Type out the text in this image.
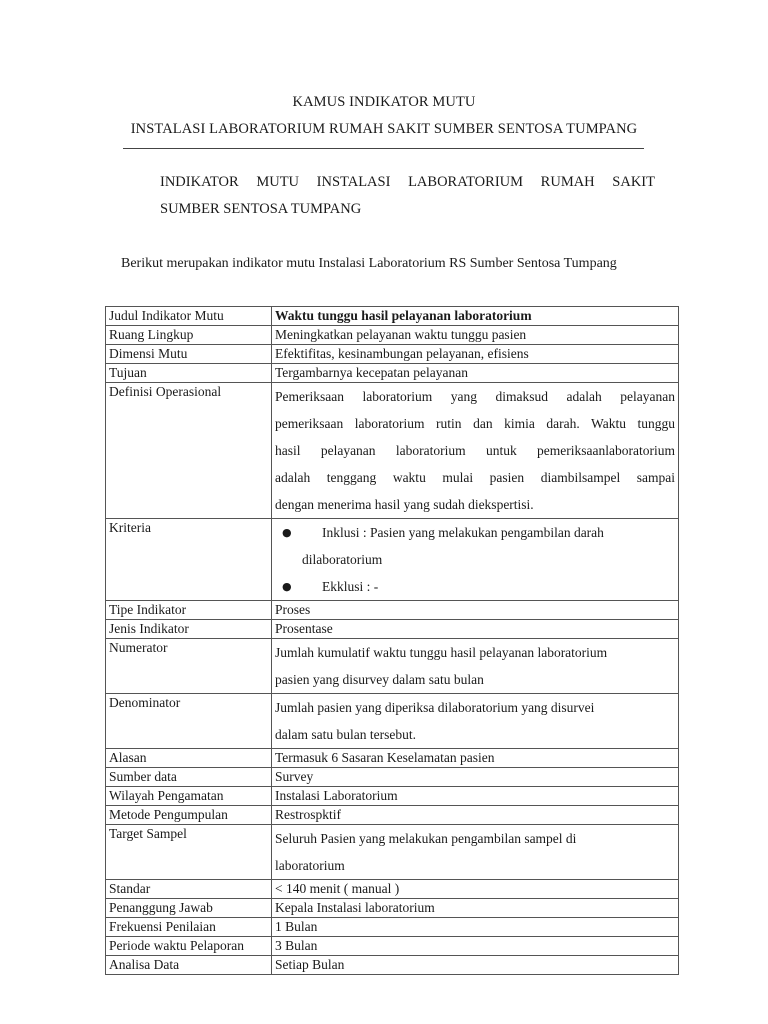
KAMUS INDIKATOR MUTU
INSTALASI LABORATORIUM RUMAH SAKIT SUMBER SENTOSA TUMPANG
INDIKATOR MUTU INSTALASI LABORATORIUM RUMAH SAKIT
SUMBER SENTOSA TUMPANG
Berikut merupakan indikator mutu Instalasi Laboratorium RS Sumber Sentosa Tumpang
Judul Indikator Mutu	Waktu tunggu hasil pelayanan laboratorium
Ruang Lingkup	Meningkatkan pelayanan waktu tunggu pasien
Dimensi Mutu	Efektifitas, kesinambungan pelayanan, efisiens
Tujuan	Tergambarnya kecepatan pelayanan
Definisi Operasional	Pemeriksaan laboratorium yang dimaksud adalah pelayanan
pemeriksaan laboratorium rutin dan kimia darah. Waktu tunggu
hasil pelayanan laboratorium untuk pemeriksaanlaboratorium
adalah tenggang waktu mulai pasien diambilsampel sampai
dengan menerima hasil yang sudah diekspertisi.

Kriteria	● Inklusi : Pasien yang melakukan pengambilan darah
dilaboratorium
● Ekklusi : -

Tipe Indikator	Proses
Jenis Indikator	Prosentase
Numerator	Jumlah kumulatif waktu tunggu hasil pelayanan laboratorium
pasien yang disurvey dalam satu bulan

Denominator	Jumlah pasien yang diperiksa dilaboratorium yang disurvei
dalam satu bulan tersebut.

Alasan	Termasuk 6 Sasaran Keselamatan pasien
Sumber data	Survey
Wilayah Pengamatan	Instalasi Laboratorium
Metode Pengumpulan	Restrospktif
Target Sampel	Seluruh Pasien yang melakukan pengambilan sampel di
laboratorium

Standar	< 140 menit ( manual )
Penanggung Jawab	Kepala Instalasi laboratorium
Frekuensi Penilaian	1 Bulan
Periode waktu Pelaporan	3 Bulan
Analisa Data	Setiap Bulan
